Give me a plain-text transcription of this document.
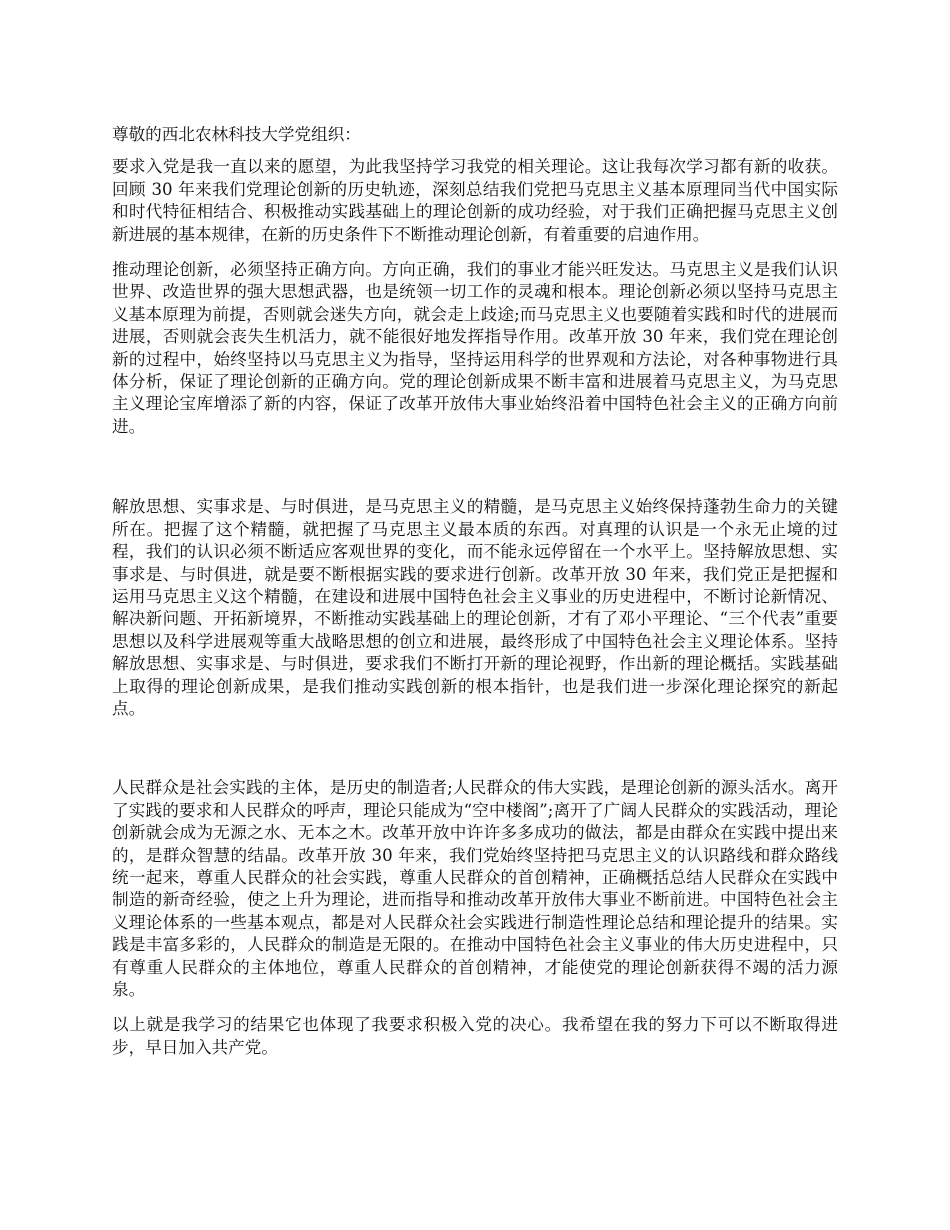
尊敬的西北农林科技大学党组织：

要求入党是我一直以来的愿望，为此我坚持学习我党的相关理论。这让我每次学习都有新的收获。回顾 30 年来我们党理论创新的历史轨迹，深刻总结我们党把马克思主义基本原理同当代中国实际和时代特征相结合、积极推动实践基础上的理论创新的成功经验，对于我们正确把握马克思主义创新进展的基本规律，在新的历史条件下不断推动理论创新，有着重要的启迪作用。

推动理论创新，必须坚持正确方向。方向正确，我们的事业才能兴旺发达。马克思主义是我们认识世界、改造世界的强大思想武器，也是统领一切工作的灵魂和根本。理论创新必须以坚持马克思主义基本原理为前提，否则就会迷失方向，就会走上歧途;而马克思主义也要随着实践和时代的进展而进展，否则就会丧失生机活力，就不能很好地发挥指导作用。改革开放 30 年来，我们党在理论创新的过程中，始终坚持以马克思主义为指导，坚持运用科学的世界观和方法论，对各种事物进行具体分析，保证了理论创新的正确方向。党的理论创新成果不断丰富和进展着马克思主义，为马克思主义理论宝库增添了新的内容，保证了改革开放伟大事业始终沿着中国特色社会主义的正确方向前进。

解放思想、实事求是、与时俱进，是马克思主义的精髓，是马克思主义始终保持蓬勃生命力的关键所在。把握了这个精髓，就把握了马克思主义最本质的东西。对真理的认识是一个永无止境的过程，我们的认识必须不断适应客观世界的变化，而不能永远停留在一个水平上。坚持解放思想、实事求是、与时俱进，就是要不断根据实践的要求进行创新。改革开放 30 年来，我们党正是把握和运用马克思主义这个精髓，在建设和进展中国特色社会主义事业的历史进程中，不断讨论新情况、解决新问题、开拓新境界，不断推动实践基础上的理论创新，才有了邓小平理论、“三个代表”重要思想以及科学进展观等重大战略思想的创立和进展，最终形成了中国特色社会主义理论体系。坚持解放思想、实事求是、与时俱进，要求我们不断打开新的理论视野，作出新的理论概括。实践基础上取得的理论创新成果，是我们推动实践创新的根本指针，也是我们进一步深化理论探究的新起点。

人民群众是社会实践的主体，是历史的制造者;人民群众的伟大实践，是理论创新的源头活水。离开了实践的要求和人民群众的呼声，理论只能成为“空中楼阁”;离开了广阔人民群众的实践活动，理论创新就会成为无源之水、无本之木。改革开放中许许多多成功的做法，都是由群众在实践中提出来的，是群众智慧的结晶。改革开放 30 年来，我们党始终坚持把马克思主义的认识路线和群众路线统一起来，尊重人民群众的社会实践，尊重人民群众的首创精神，正确概括总结人民群众在实践中制造的新奇经验，使之上升为理论，进而指导和推动改革开放伟大事业不断前进。中国特色社会主义理论体系的一些基本观点，都是对人民群众社会实践进行制造性理论总结和理论提升的结果。实践是丰富多彩的，人民群众的制造是无限的。在推动中国特色社会主义事业的伟大历史进程中，只有尊重人民群众的主体地位，尊重人民群众的首创精神，才能使党的理论创新获得不竭的活力源泉。

以上就是我学习的结果它也体现了我要求积极入党的决心。我希望在我的努力下可以不断取得进步，早日加入共产党。
